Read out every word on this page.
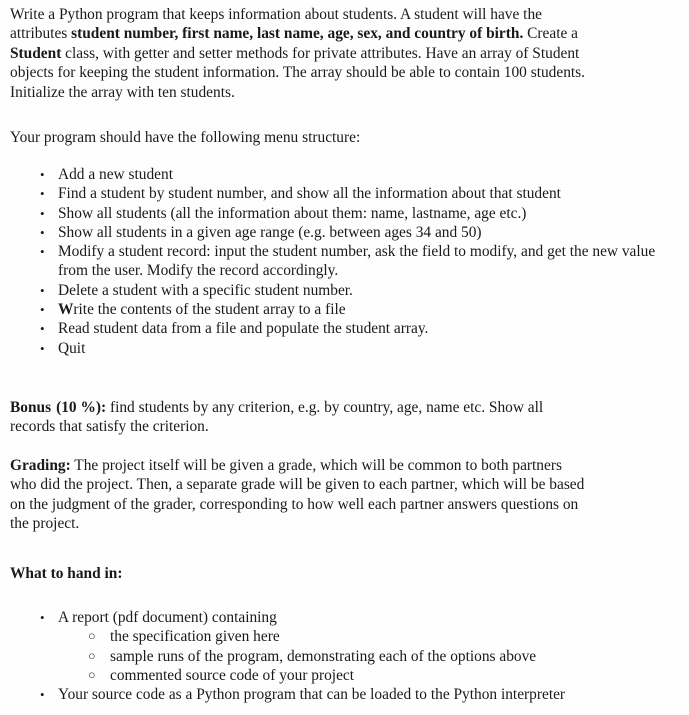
Write a Python program that keeps information about students. A student will have the
attributes student number, first name, last name, age, sex, and country of birth. Create a
Student class, with getter and setter methods for private attributes. Have an array of Student
objects for keeping the student information. The array should be able to contain 100 students.
Initialize the array with ten students.
Your program should have the following menu structure:
• Add a new student
• Find a student by student number, and show all the information about that student
• Show all students (all the information about them: name, lastname, age etc.)
• Show all students in a given age range (e.g. between ages 34 and 50)
• Modify a student record: input the student number, ask the field to modify, and get the new value from the user. Modify the record accordingly.
• Delete a student with a specific student number.
• Write the contents of the student array to a file
• Read student data from a file and populate the student array.
• Quit
Bonus (10 %): find students by any criterion, e.g. by country, age, name etc. Show all
records that satisfy the criterion.
Grading: The project itself will be given a grade, which will be common to both partners
who did the project. Then, a separate grade will be given to each partner, which will be based
on the judgment of the grader, corresponding to how well each partner answers questions on
the project.
What to hand in:
• A report (pdf document) containing
○ the specification given here
○ sample runs of the program, demonstrating each of the options above
○ commented source code of your project
• Your source code as a Python program that can be loaded to the Python interpreter
